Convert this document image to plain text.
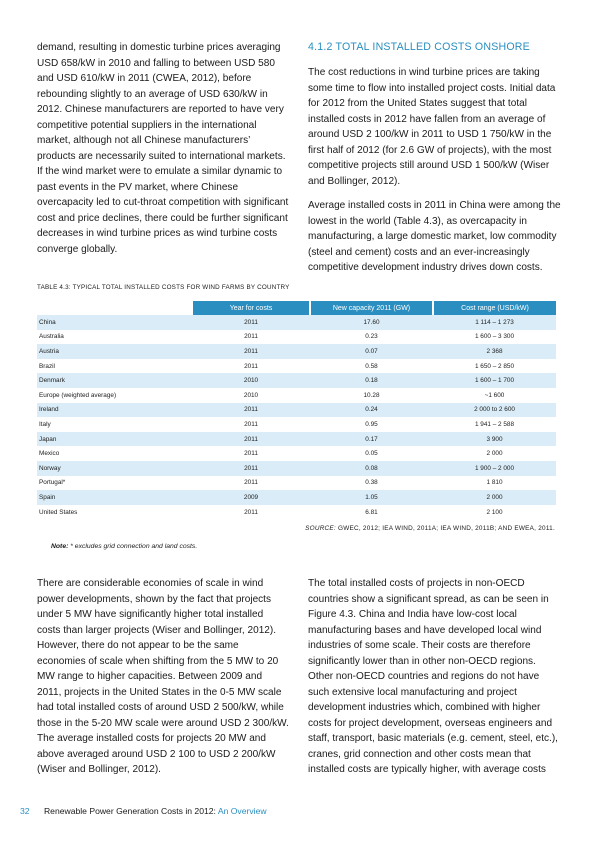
demand, resulting in domestic turbine prices averaging USD 658/kW in 2010 and falling to between USD 580 and USD 610/kW in 2011 (CWEA, 2012), before rebounding slightly to an average of USD 630/kW in 2012. Chinese manufacturers are reported to have very competitive potential suppliers in the international market, although not all Chinese manufacturers’ products are necessarily suited to international markets. If the wind market were to emulate a similar dynamic to past events in the PV market, where Chinese overcapacity led to cut-throat competition with significant cost and price declines, there could be further significant decreases in wind turbine prices as wind turbine costs converge globally.

4.1.2 TOTAL INSTALLED COSTS ONSHORE

The cost reductions in wind turbine prices are taking some time to flow into installed project costs. Initial data for 2012 from the United States suggest that total installed costs in 2012 have fallen from an average of around USD 2 100/kW in 2011 to USD 1 750/kW in the first half of 2012 (for 2.6 GW of projects), with the most competitive projects still around USD 1 500/kW (Wiser and Bollinger, 2012).

Average installed costs in 2011 in China were among the lowest in the world (Table 4.3), as overcapacity in manufacturing, a large domestic market, low commodity (steel and cement) costs and an ever-increasingly competitive development industry drives down costs.

TABLE 4.3: TYPICAL TOTAL INSTALLED COSTS FOR WIND FARMS BY COUNTRY
	Year for costs	New capacity 2011 (GW)	Cost range (USD/kW)
China	2011	17.60	1 114 – 1 273
Australia	2011	0.23	1 600 – 3 300
Austria	2011	0.07	2 368
Brazil	2011	0.58	1 650 – 2 850
Denmark	2010	0.18	1 600 – 1 700
Europe (weighted average)	2010	10.28	~1 600
Ireland	2011	0.24	2 000 to 2 600
Italy	2011	0.95	1 941 – 2 588
Japan	2011	0.17	3 900
Mexico	2011	0.05	2 000
Norway	2011	0.08	1 900 – 2 000
Portugal*	2011	0.38	1 810
Spain	2009	1.05	2 000
United States	2011	6.81	2 100
SOURCE: GWEC, 2012; IEA WIND, 2011A; IEA WIND, 2011B; AND EWEA, 2011.
Note: * excludes grid connection and land costs.

There are considerable economies of scale in wind power developments, shown by the fact that projects under 5 MW have significantly higher total installed costs than larger projects (Wiser and Bollinger, 2012). However, there do not appear to be the same economies of scale when shifting from the 5 MW to 20 MW range to higher capacities. Between 2009 and 2011, projects in the United States in the 0-5 MW scale had total installed costs of around USD 2 500/kW, while those in the 5-20 MW scale were around USD 2 300/kW. The average installed costs for projects 20 MW and above averaged around USD 2 100 to USD 2 200/kW (Wiser and Bollinger, 2012).

The total installed costs of projects in non-OECD countries show a significant spread, as can be seen in Figure 4.3. China and India have low-cost local manufacturing bases and have developed local wind industries of some scale. Their costs are therefore significantly lower than in other non-OECD regions. Other non-OECD countries and regions do not have such extensive local manufacturing and project development industries which, combined with higher costs for project development, overseas engineers and staff, transport, basic materials (e.g. cement, steel, etc.), cranes, grid connection and other costs mean that installed costs are typically higher, with average costs

32 Renewable Power Generation Costs in 2012: An Overview
